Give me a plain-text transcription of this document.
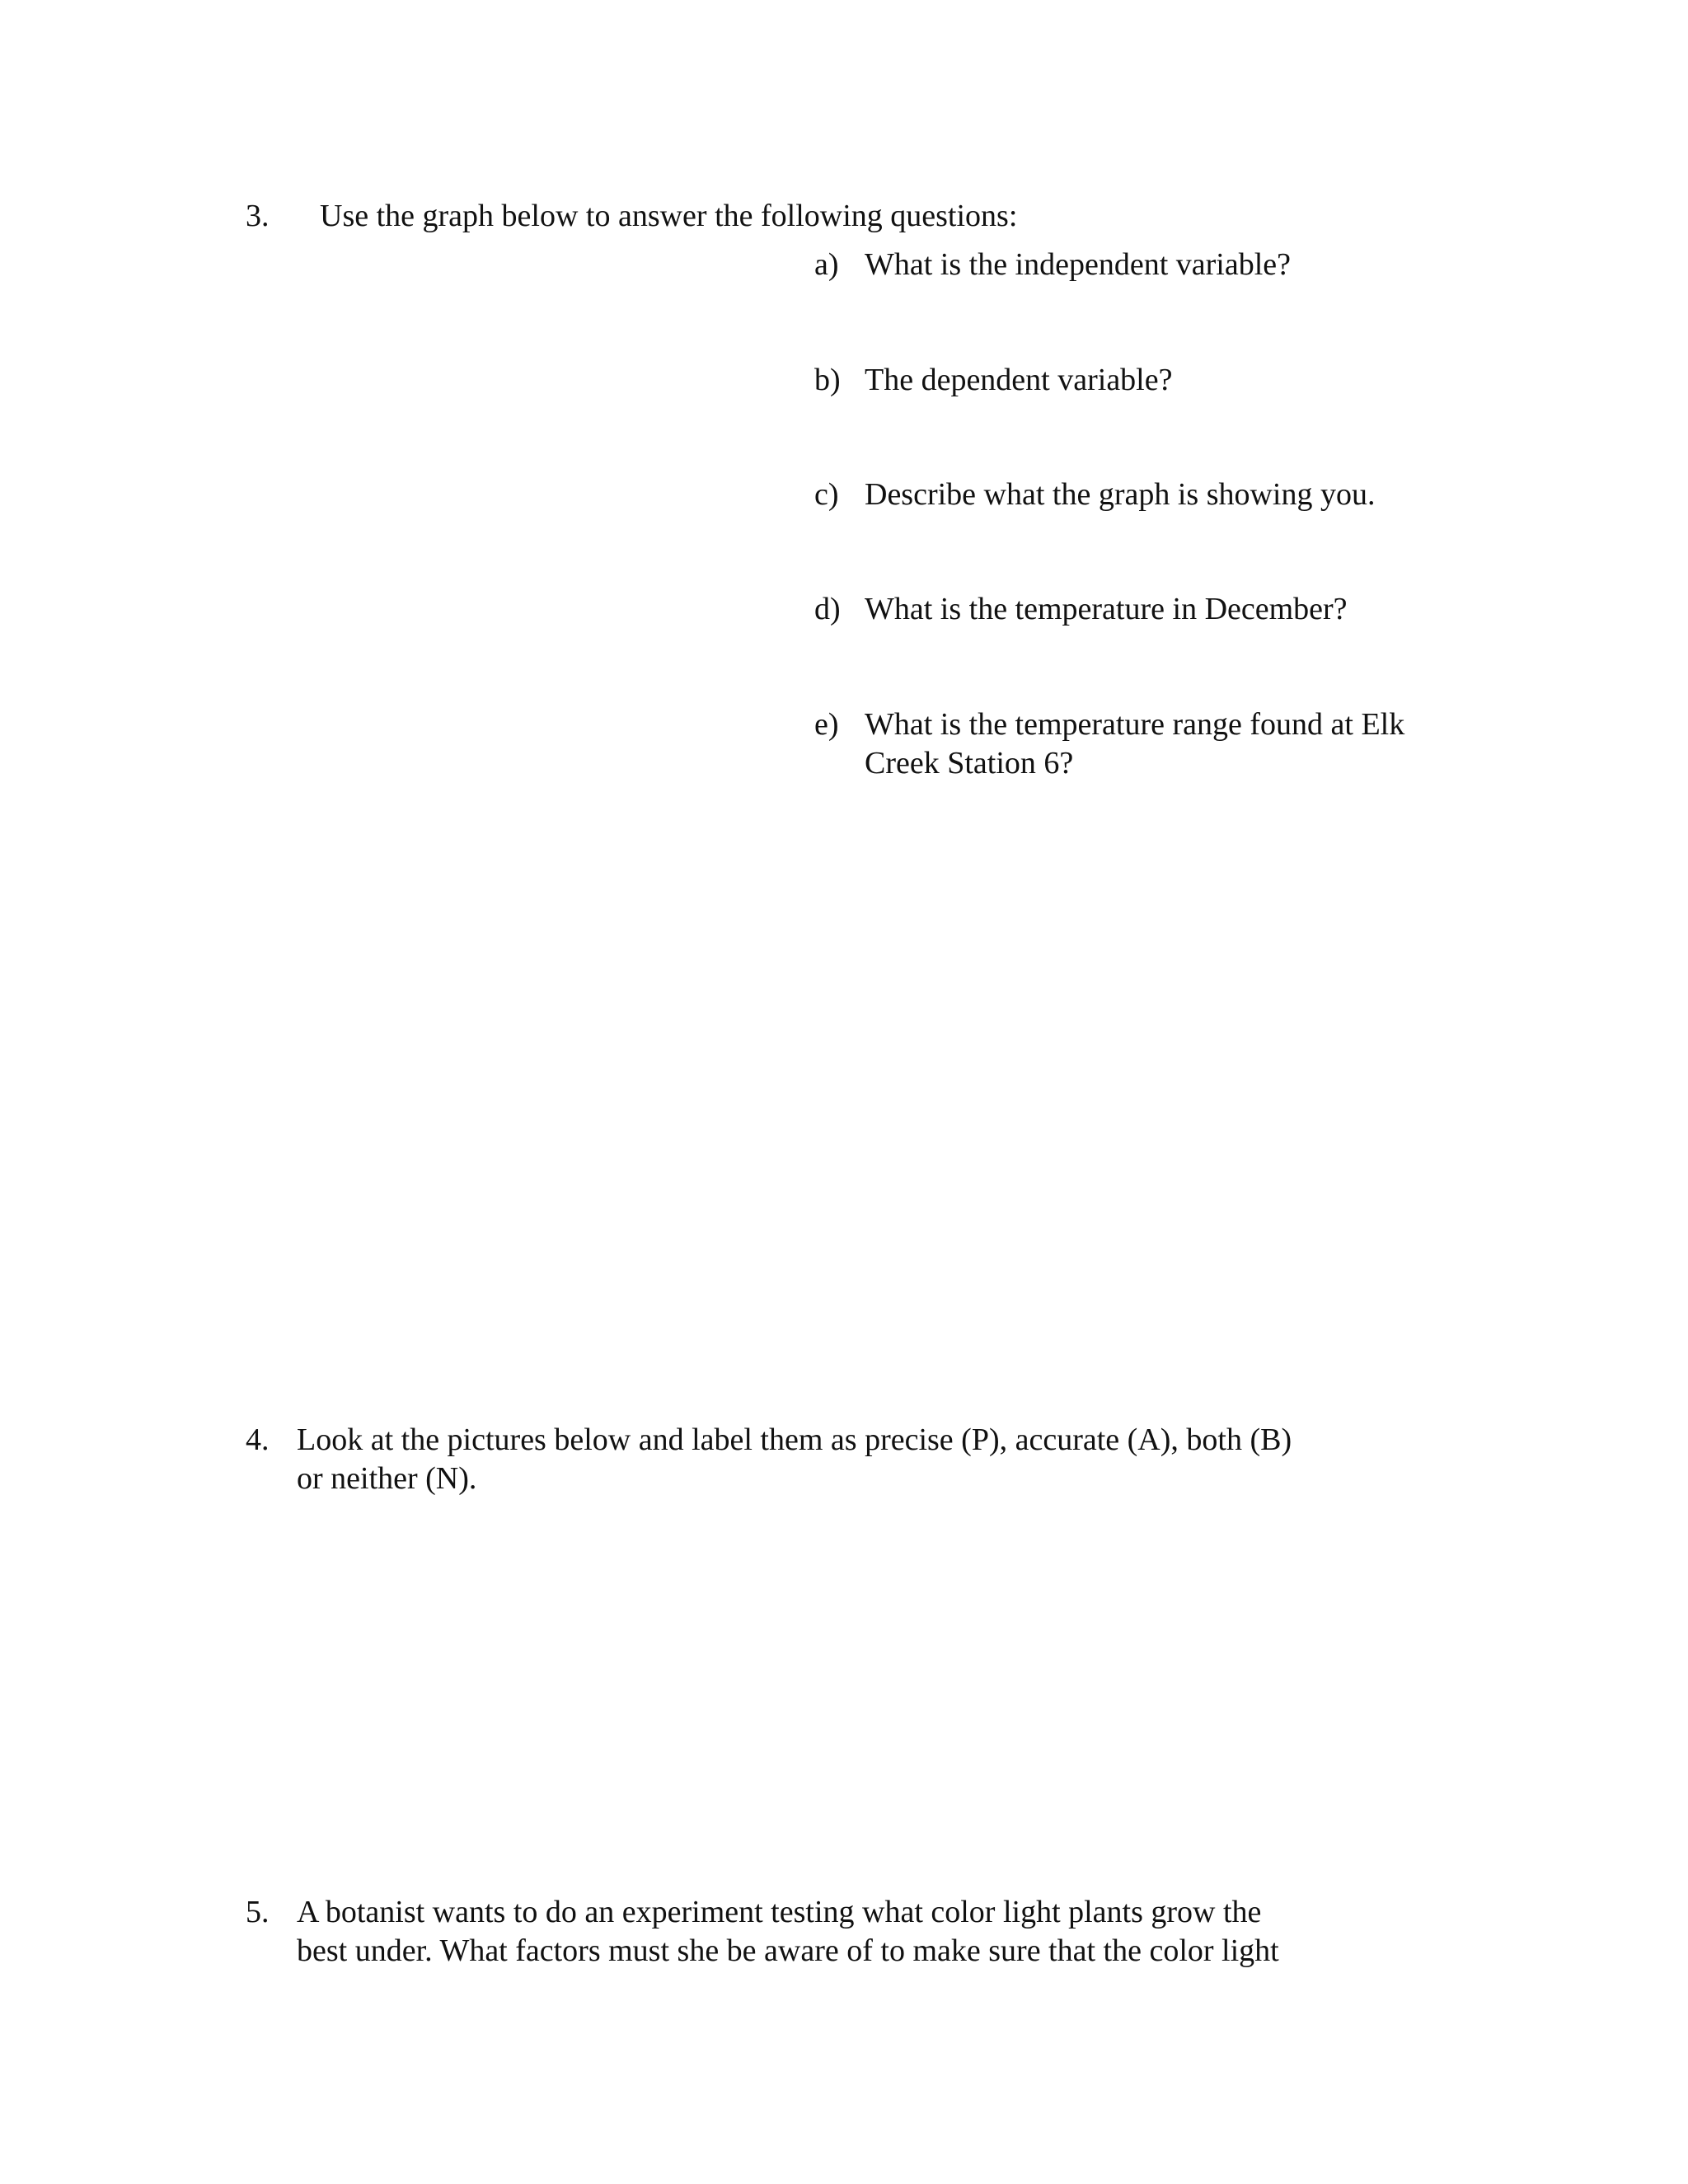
3. Use the graph below to answer the following questions:
a) What is the independent variable?
b) The dependent variable?
c) Describe what the graph is showing you.
d) What is the temperature in December?
e) What is the temperature range found at Elk
Creek Station 6?
4. Look at the pictures below and label them as precise (P), accurate (A), both (B)
or neither (N).
5. A botanist wants to do an experiment testing what color light plants grow the
best under. What factors must she be aware of to make sure that the color light
